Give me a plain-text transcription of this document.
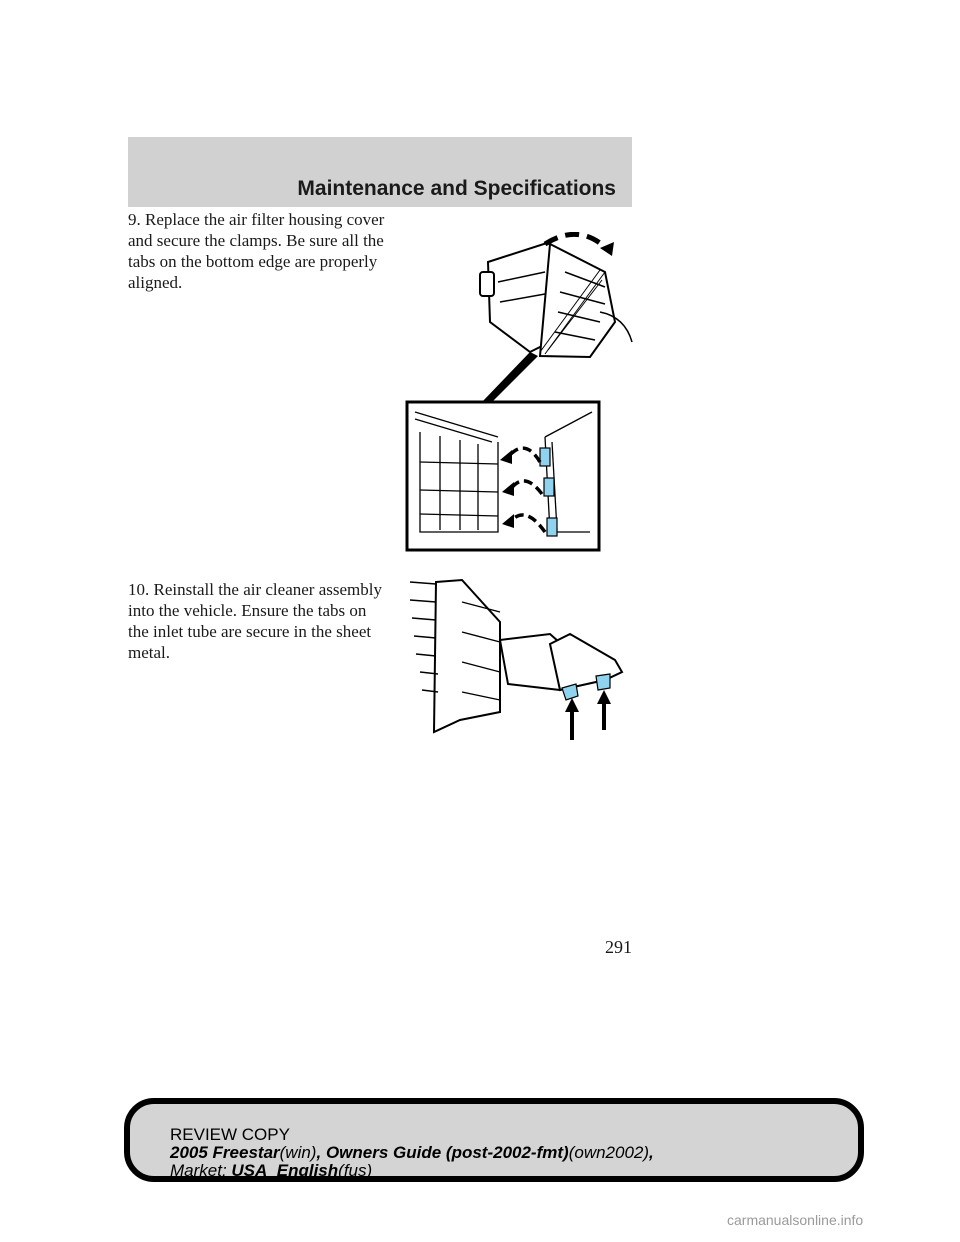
Maintenance and Specifications
9. Replace the air filter housing cover and secure the clamps. Be sure all the tabs on the bottom edge are properly aligned.
10. Reinstall the air cleaner assembly into the vehicle. Ensure the tabs on the inlet tube are secure in the sheet metal.
291
REVIEW COPY
2005 Freestar(win), Owners Guide (post-2002-fmt)(own2002),
Market: USA_English(fus)
carmanualsonline.info
